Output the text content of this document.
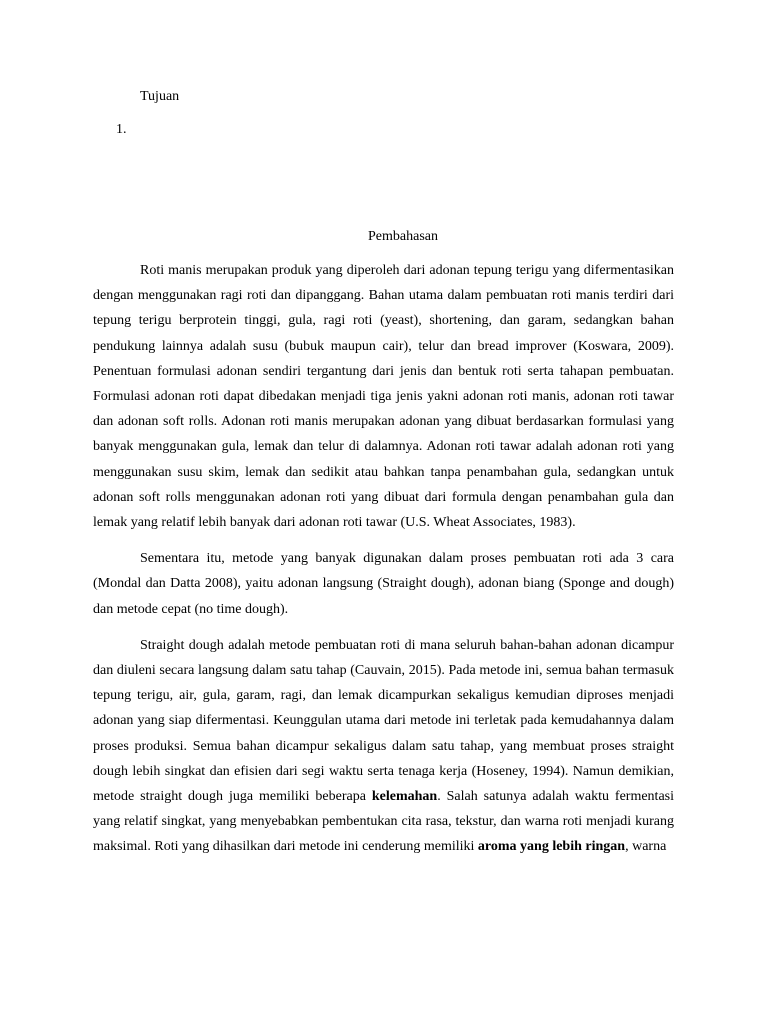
Tujuan
1.
Pembahasan

Roti manis merupakan produk yang diperoleh dari adonan tepung terigu yang difermentasikan dengan menggunakan ragi roti dan dipanggang. Bahan utama dalam pembuatan roti manis terdiri dari tepung terigu berprotein tinggi, gula, ragi roti (yeast), shortening, dan garam, sedangkan bahan pendukung lainnya adalah susu (bubuk maupun cair), telur dan bread improver (Koswara, 2009). Penentuan formulasi adonan sendiri tergantung dari jenis dan bentuk roti serta tahapan pembuatan. Formulasi adonan roti dapat dibedakan menjadi tiga jenis yakni adonan roti manis, adonan roti tawar dan adonan soft rolls. Adonan roti manis merupakan adonan yang dibuat berdasarkan formulasi yang banyak menggunakan gula, lemak dan telur di dalamnya. Adonan roti tawar adalah adonan roti yang menggunakan susu skim, lemak dan sedikit atau bahkan tanpa penambahan gula, sedangkan untuk adonan soft rolls menggunakan adonan roti yang dibuat dari formula dengan penambahan gula dan lemak yang relatif lebih banyak dari adonan roti tawar (U.S. Wheat Associates, 1983).

Sementara itu, metode yang banyak digunakan dalam proses pembuatan roti ada 3 cara (Mondal dan Datta 2008), yaitu adonan langsung (Straight dough), adonan biang (Sponge and dough) dan metode cepat (no time dough).

Straight dough adalah metode pembuatan roti di mana seluruh bahan-bahan adonan dicampur dan diuleni secara langsung dalam satu tahap (Cauvain, 2015). Pada metode ini, semua bahan termasuk tepung terigu, air, gula, garam, ragi, dan lemak dicampurkan sekaligus kemudian diproses menjadi adonan yang siap difermentasi. Keunggulan utama dari metode ini terletak pada kemudahannya dalam proses produksi. Semua bahan dicampur sekaligus dalam satu tahap, yang membuat proses straight dough lebih singkat dan efisien dari segi waktu serta tenaga kerja (Hoseney, 1994). Namun demikian, metode straight dough juga memiliki beberapa kelemahan. Salah satunya adalah waktu fermentasi yang relatif singkat, yang menyebabkan pembentukan cita rasa, tekstur, dan warna roti menjadi kurang maksimal. Roti yang dihasilkan dari metode ini cenderung memiliki aroma yang lebih ringan, warna
